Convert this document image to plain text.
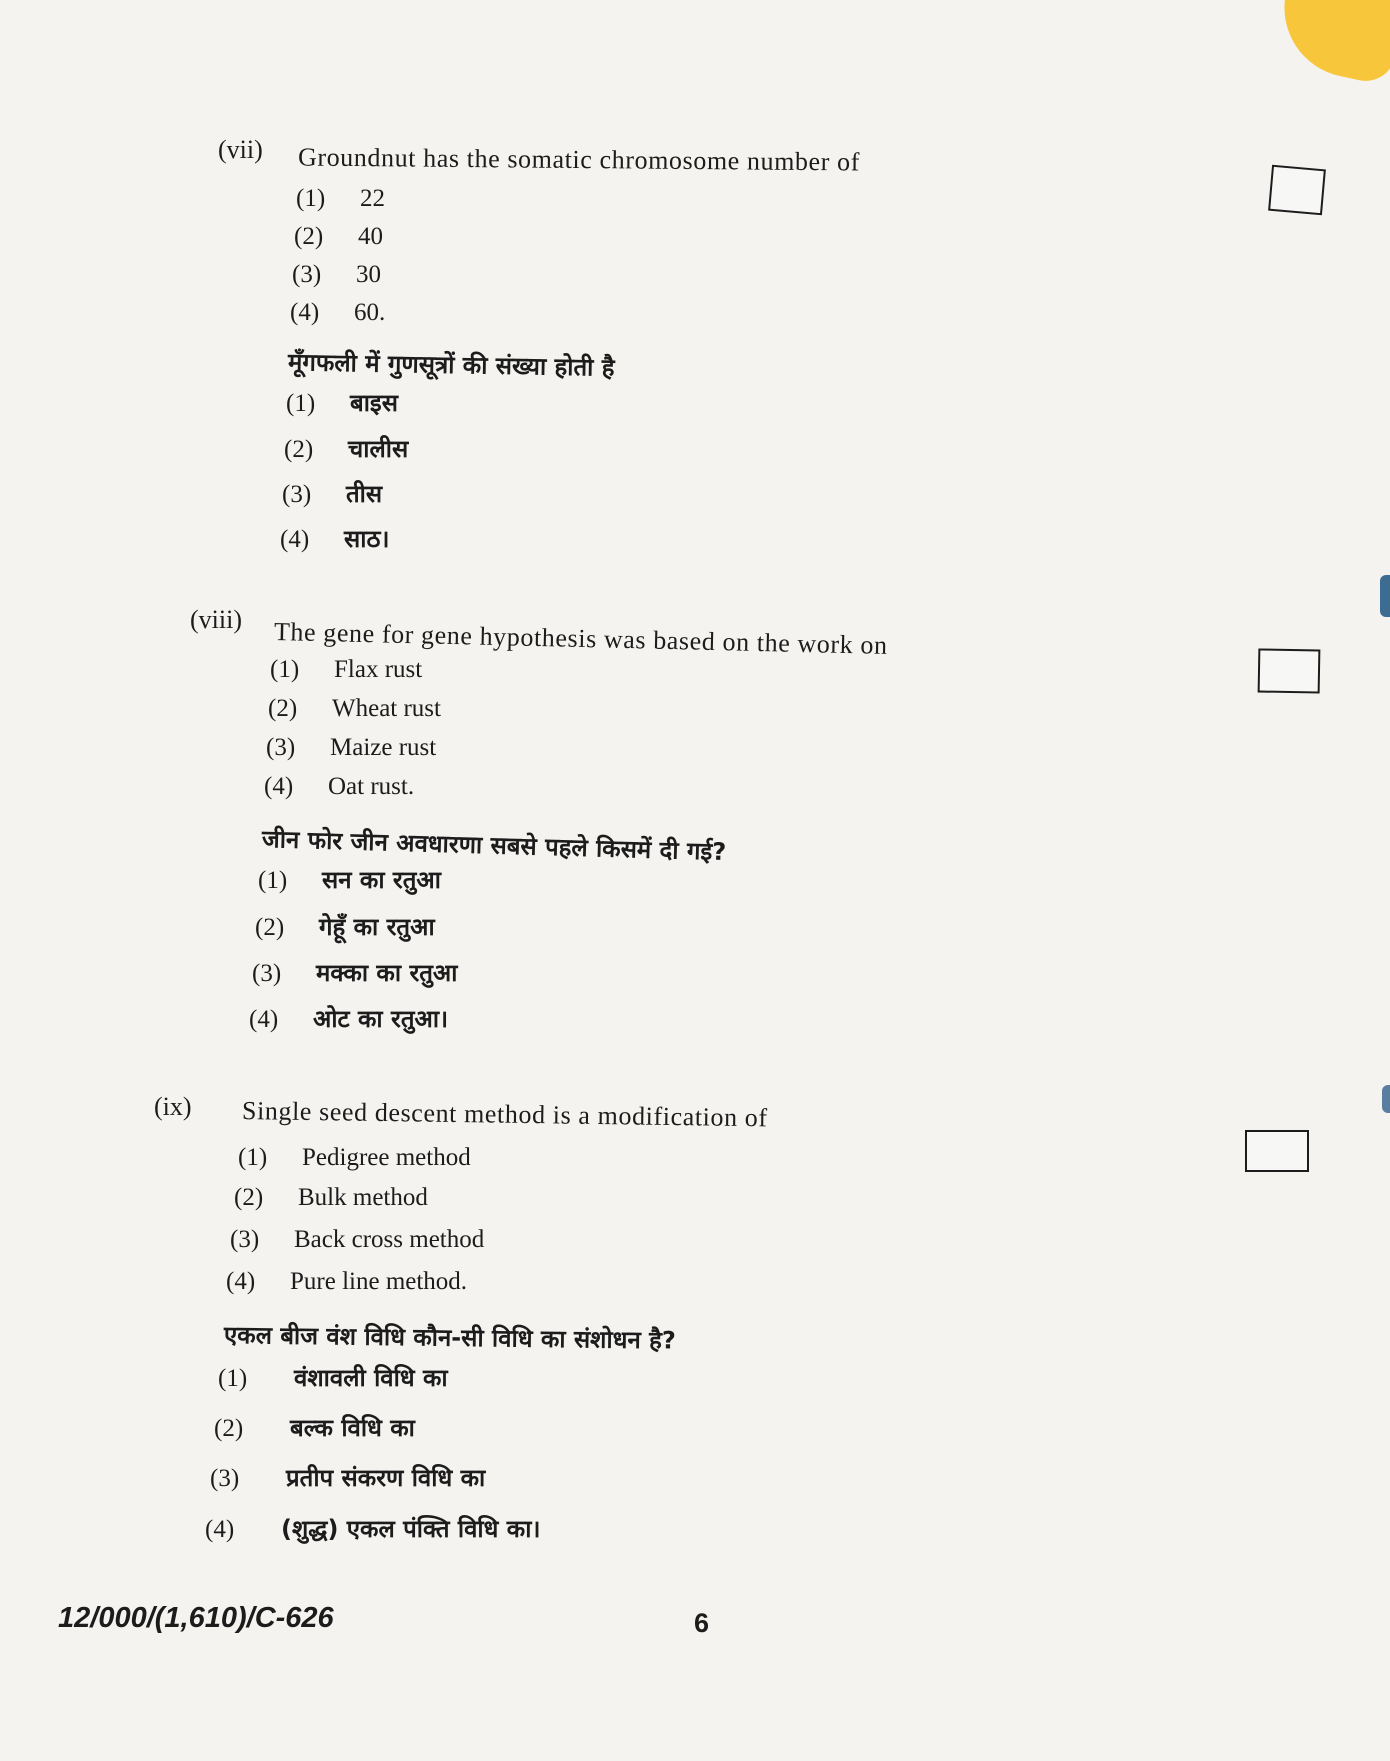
(vii) Groundnut has the somatic chromosome number of
(1) 22
(2) 40
(3) 30
(4) 60.
मूँगफली में गुणसूत्रों की संख्या होती है
(1) बाइस
(2) चालीस
(3) तीस
(4) साठ।
(viii) The gene for gene hypothesis was based on the work on
(1) Flax rust
(2) Wheat rust
(3) Maize rust
(4) Oat rust.
जीन फोर जीन अवधारणा सबसे पहले किसमें दी गई?
(1) सन का रतुआ
(2) गेहूँ का रतुआ
(3) मक्का का रतुआ
(4) ओट का रतुआ।
(ix) Single seed descent method is a modification of
(1) Pedigree method
(2) Bulk method
(3) Back cross method
(4) Pure line method.
एकल बीज वंश विधि कौन-सी विधि का संशोधन है?
(1) वंशावली विधि का
(2) बल्क विधि का
(3) प्रतीप संकरण विधि का
(4) (शुद्ध) एकल पंक्ति विधि का।
12/000/(1,610)/C-626	6
